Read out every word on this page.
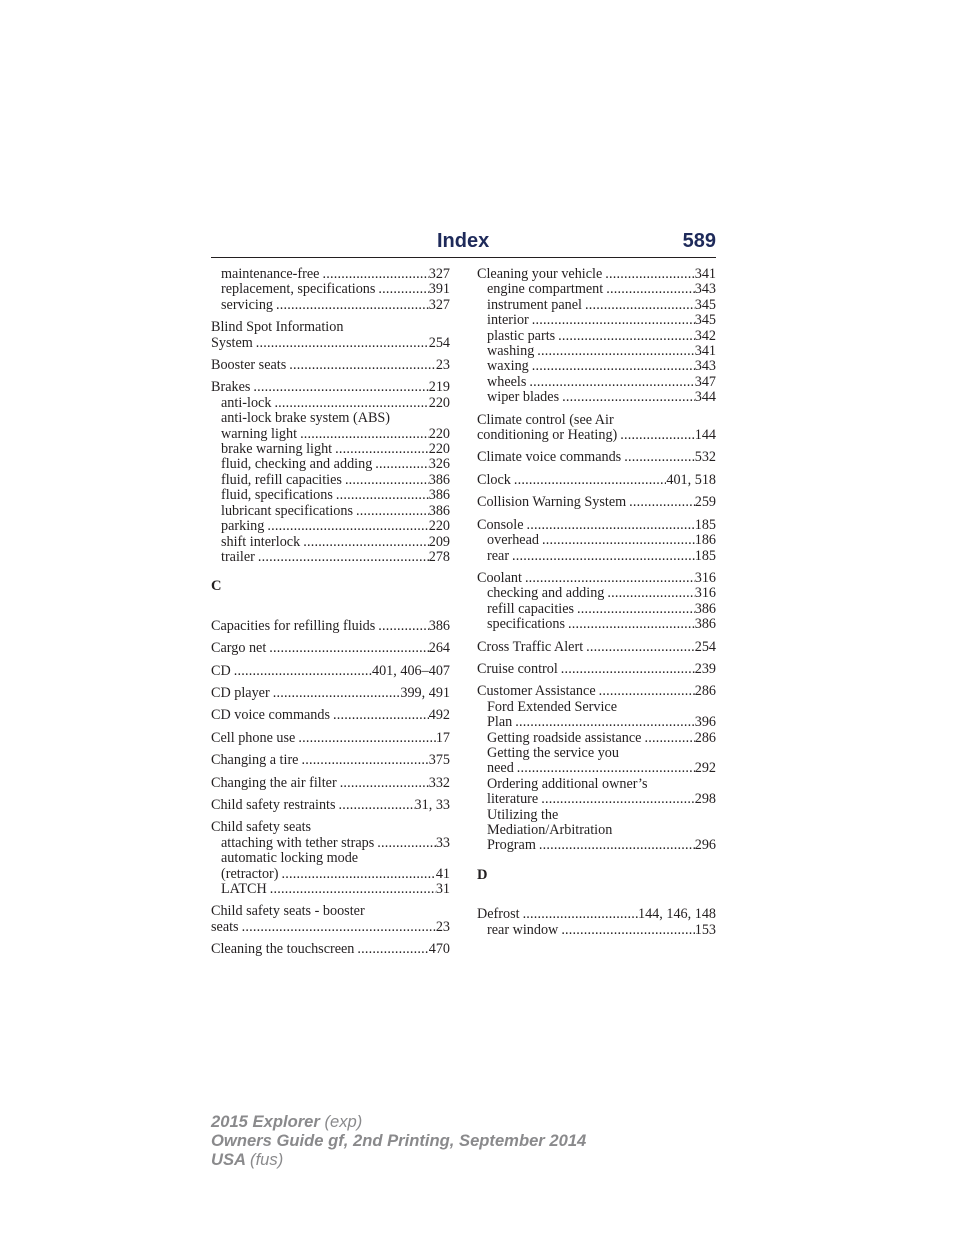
Index	589
maintenance-free .....	327
replacement, specifications .....	391
servicing .....	327
Blind Spot Information
System .....	254
Booster seats .....	23
Brakes .....	219
anti-lock .....	220
anti-lock brake system (ABS)
warning light .....	220
brake warning light .....	220
fluid, checking and adding .....	326
fluid, refill capacities .....	386
fluid, specifications .....	386
lubricant specifications .....	386
parking .....	220
shift interlock .....	209
trailer .....	278
C
Capacities for refilling fluids .....	386
Cargo net .....	264
CD .....	401, 406–407
CD player .....	399, 491
CD voice commands .....	492
Cell phone use .....	17
Changing a tire .....	375
Changing the air filter .....	332
Child safety restraints .....	31, 33
Child safety seats
attaching with tether straps .....	33
automatic locking mode
(retractor) .....	41
LATCH .....	31
Child safety seats - booster
seats .....	23
Cleaning the touchscreen .....	470
Cleaning your vehicle .....	341
engine compartment .....	343
instrument panel .....	345
interior .....	345
plastic parts .....	342
washing .....	341
waxing .....	343
wheels .....	347
wiper blades .....	344
Climate control (see Air
conditioning or Heating) .....	144
Climate voice commands .....	532
Clock .....	401, 518
Collision Warning System .....	259
Console .....	185
overhead .....	186
rear .....	185
Coolant .....	316
checking and adding .....	316
refill capacities .....	386
specifications .....	386
Cross Traffic Alert .....	254
Cruise control .....	239
Customer Assistance .....	286
Ford Extended Service
Plan .....	396
Getting roadside assistance .....	286
Getting the service you
need .....	292
Ordering additional owner’s
literature .....	298
Utilizing the
Mediation/Arbitration
Program .....	296
D
Defrost .....	144, 146, 148
rear window .....	153
2015 Explorer (exp)
Owners Guide gf, 2nd Printing, September 2014
USA (fus)
